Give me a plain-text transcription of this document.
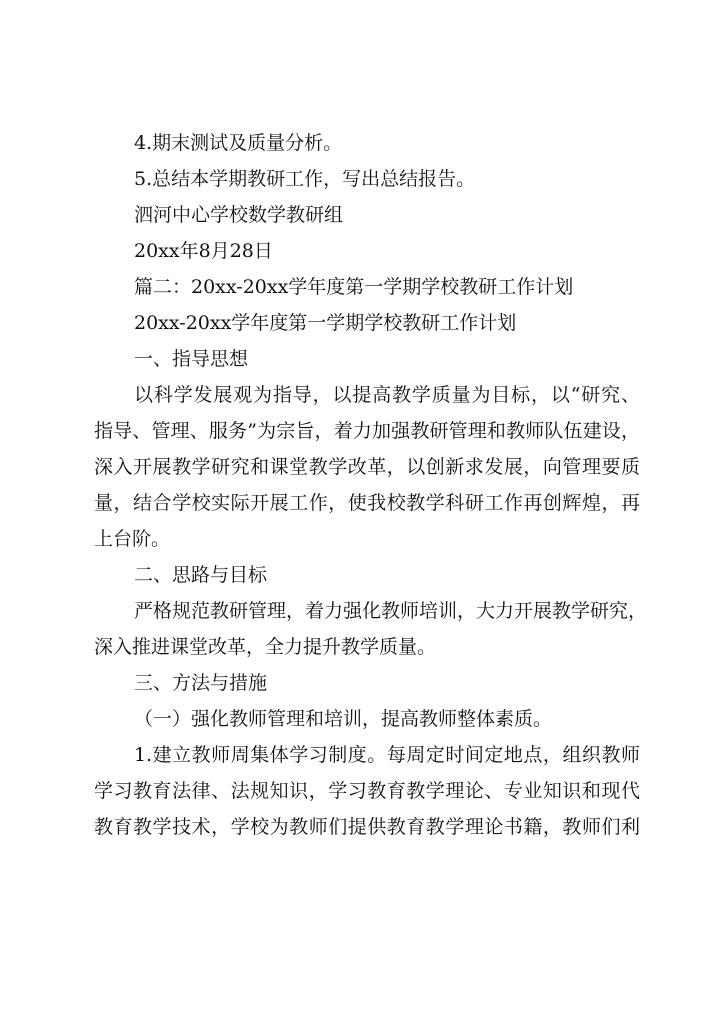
4.期末测试及质量分析。

5.总结本学期教研工作，写出总结报告。

泗河中心学校数学教研组

20xx年8月28日

篇二：20xx-20xx学年度第一学期学校教研工作计划

20xx-20xx学年度第一学期学校教研工作计划

一、指导思想

以科学发展观为指导，以提高教学质量为目标，以“研究、

指导、管理、服务”为宗旨，着力加强教研管理和教师队伍建设，

深入开展教学研究和课堂教学改革，以创新求发展，向管理要质

量，结合学校实际开展工作，使我校教学科研工作再创辉煌，再

上台阶。

二、思路与目标

严格规范教研管理，着力强化教师培训，大力开展教学研究，

深入推进课堂改革，全力提升教学质量。

三、方法与措施

（一）强化教师管理和培训，提高教师整体素质。

1.建立教师周集体学习制度。每周定时间定地点，组织教师

学习教育法律、法规知识，学习教育教学理论、专业知识和现代

教育教学技术，学校为教师们提供教育教学理论书籍，教师们利
